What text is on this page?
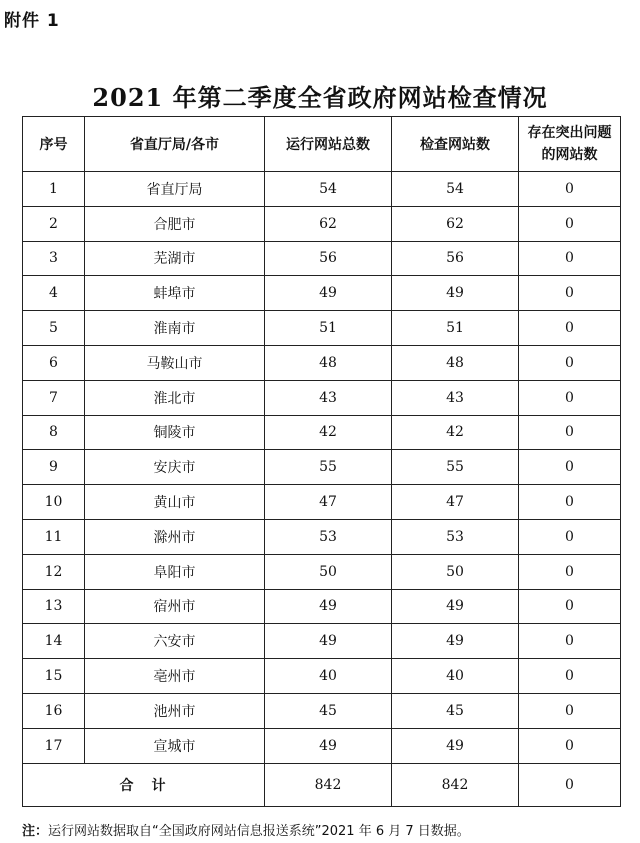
附件 1
2021 年第二季度全省政府网站检查情况
序号	省直厅局/各市	运行网站总数	检查网站数	存在突出问题的网站数
1	省直厅局	54	54	0
2	合肥市	62	62	0
3	芜湖市	56	56	0
4	蚌埠市	49	49	0
5	淮南市	51	51	0
6	马鞍山市	48	48	0
7	淮北市	43	43	0
8	铜陵市	42	42	0
9	安庆市	55	55	0
10	黄山市	47	47	0
11	滁州市	53	53	0
12	阜阳市	50	50	0
13	宿州市	49	49	0
14	六安市	49	49	0
15	亳州市	40	40	0
16	池州市	45	45	0
17	宣城市	49	49	0
合　计		842	842	0
注：运行网站数据取自“全国政府网站信息报送系统”2021 年 6 月 7 日数据。
